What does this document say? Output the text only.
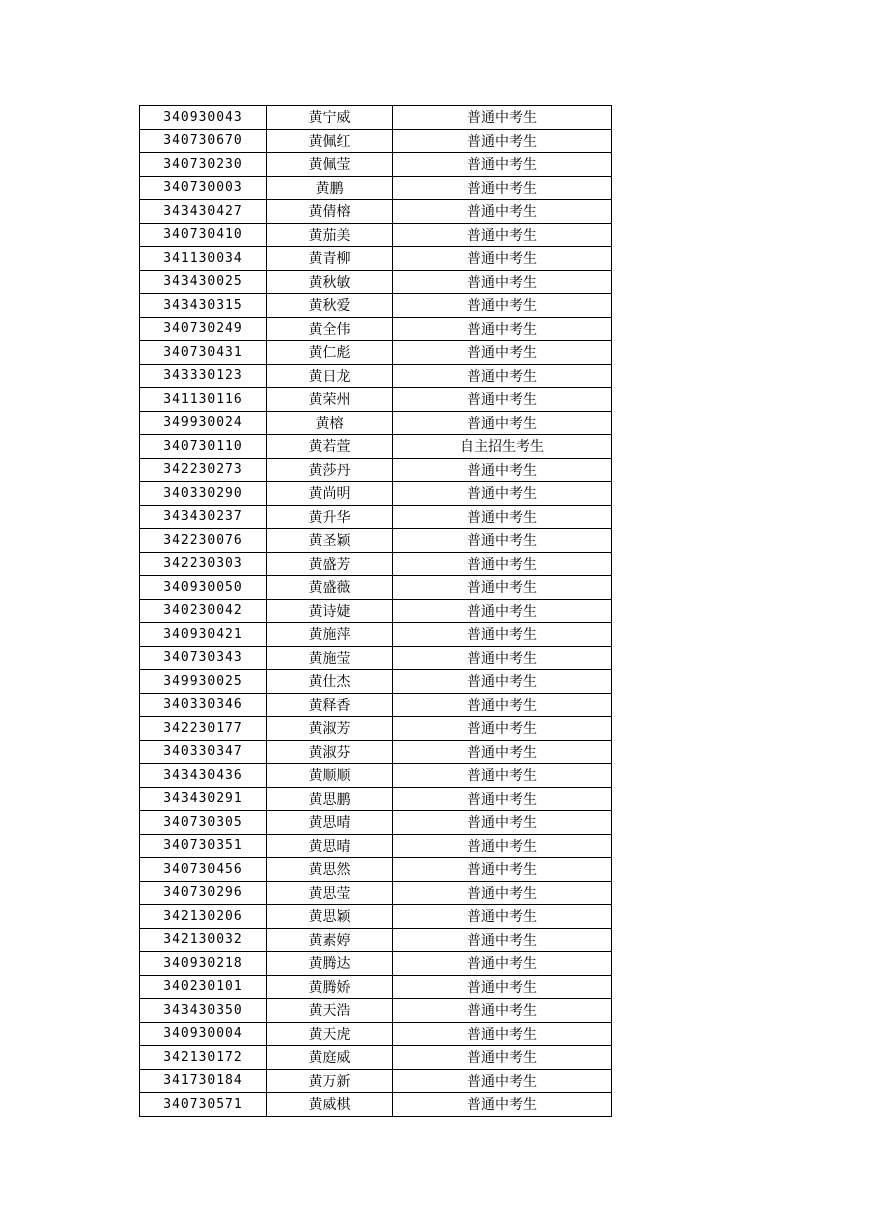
340930043	黄宁威	普通中考生
340730670	黄佩红	普通中考生
340730230	黄佩莹	普通中考生
340730003	黄鹏	普通中考生
343430427	黄倩榕	普通中考生
340730410	黄茄美	普通中考生
341130034	黄青柳	普通中考生
343430025	黄秋敏	普通中考生
343430315	黄秋爱	普通中考生
340730249	黄全伟	普通中考生
340730431	黄仁彪	普通中考生
343330123	黄日龙	普通中考生
341130116	黄荣州	普通中考生
349930024	黄榕	普通中考生
340730110	黄若萱	自主招生考生
342230273	黄莎丹	普通中考生
340330290	黄尚明	普通中考生
343430237	黄升华	普通中考生
342230076	黄圣颖	普通中考生
342230303	黄盛芳	普通中考生
340930050	黄盛薇	普通中考生
340230042	黄诗婕	普通中考生
340930421	黄施萍	普通中考生
340730343	黄施莹	普通中考生
349930025	黄仕杰	普通中考生
340330346	黄释香	普通中考生
342230177	黄淑芳	普通中考生
340330347	黄淑芬	普通中考生
343430436	黄顺顺	普通中考生
343430291	黄思鹏	普通中考生
340730305	黄思晴	普通中考生
340730351	黄思晴	普通中考生
340730456	黄思然	普通中考生
340730296	黄思莹	普通中考生
342130206	黄思颖	普通中考生
342130032	黄素婷	普通中考生
340930218	黄腾达	普通中考生
340230101	黄腾娇	普通中考生
343430350	黄天浩	普通中考生
340930004	黄天虎	普通中考生
342130172	黄庭威	普通中考生
341730184	黄万新	普通中考生
340730571	黄威棋	普通中考生
